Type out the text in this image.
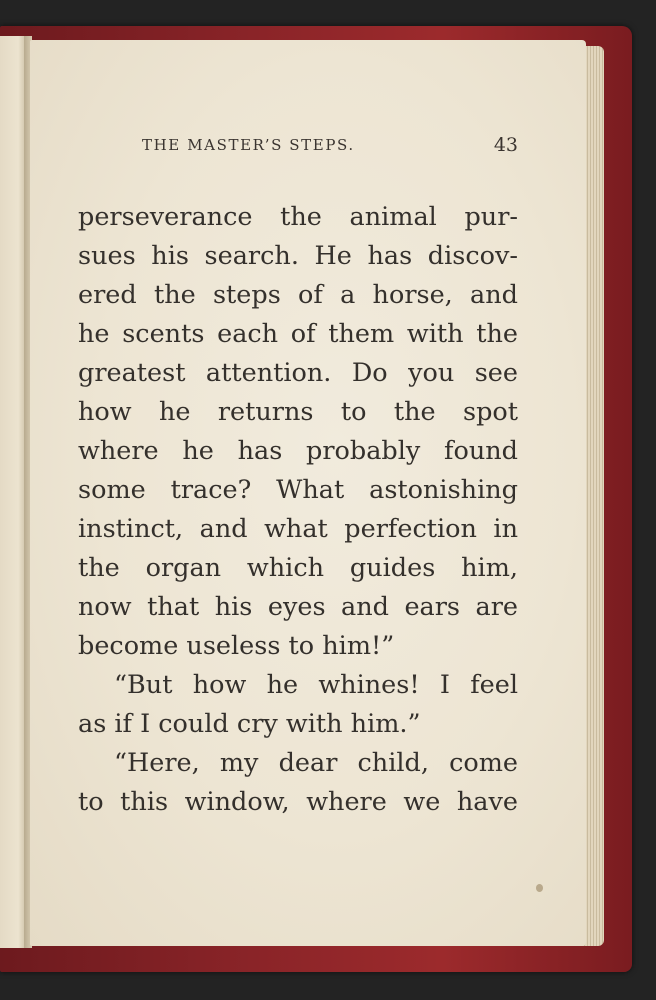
THE MASTER’S STEPS.	43
perseverance the animal pur-
sues his search. He has discov-
ered the steps of a horse, and
he scents each of them with the
greatest attention. Do you see
how he returns to the spot
where he has probably found
some trace? What astonishing
instinct, and what perfection in
the organ which guides him,
now that his eyes and ears are
become useless to him!”
“But how he whines! I feel
as if I could cry with him.”
“Here, my dear child, come
to this window, where we have
